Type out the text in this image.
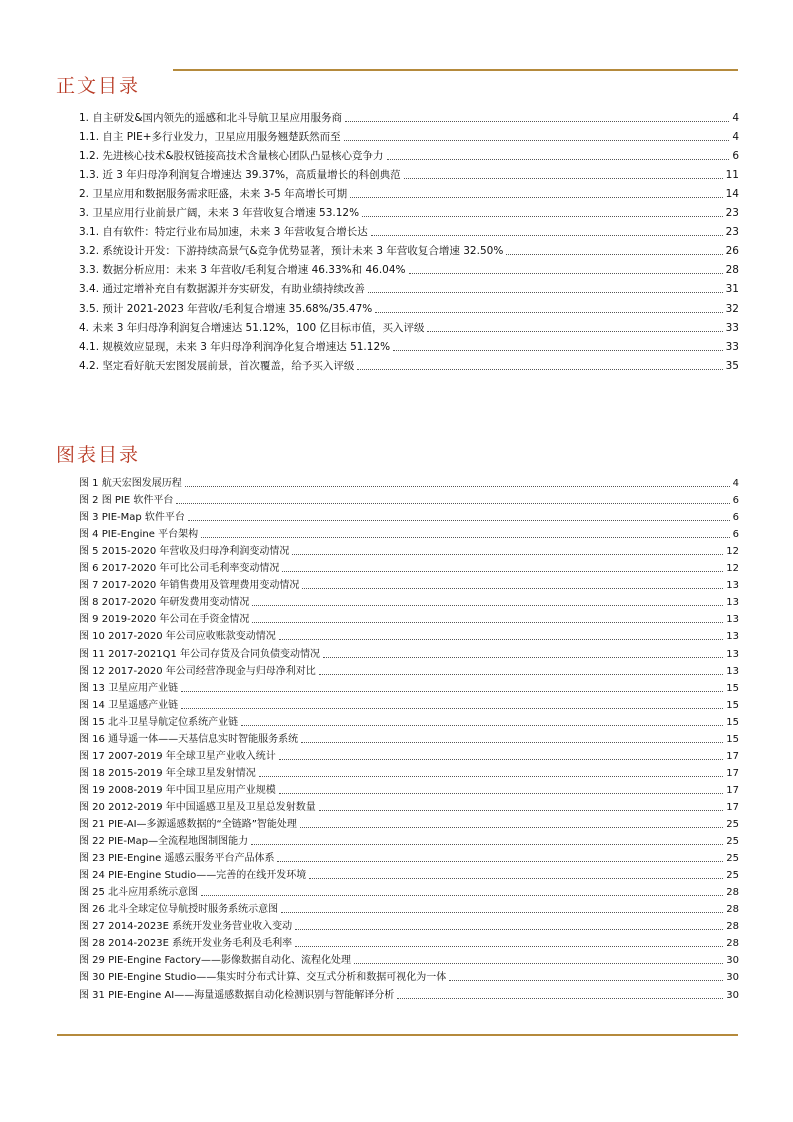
正文目录
1. 自主研发&国内领先的遥感和北斗导航卫星应用服务商	4
1.1. 自主 PIE+多行业发力，卫星应用服务翘楚跃然而至	4
1.2. 先进核心技术&股权链接高技术含量核心团队凸显核心竞争力	6
1.3. 近 3 年归母净利润复合增速达 39.37%，高质量增长的科创典范	11
2. 卫星应用和数据服务需求旺盛，未来 3-5 年高增长可期	14
3. 卫星应用行业前景广阔，未来 3 年营收复合增速 53.12%	23
3.1. 自有软件：特定行业布局加速，未来 3 年营收复合增长达	23
3.2. 系统设计开发：下游持续高景气&竞争优势显著，预计未来 3 年营收复合增速 32.50%	26
3.3. 数据分析应用：未来 3 年营收/毛利复合增速 46.33%和 46.04%	28
3.4. 通过定增补充自有数据源并夯实研发，有助业绩持续改善	31
3.5. 预计 2021-2023 年营收/毛利复合增速 35.68%/35.47%	32
4. 未来 3 年归母净利润复合增速达 51.12%，100 亿目标市值，买入评级	33
4.1. 规模效应显现，未来 3 年归母净利润净化复合增速达 51.12%	33
4.2. 坚定看好航天宏图发展前景，首次覆盖，给予买入评级	35
图表目录
图 1 航天宏图发展历程	4
图 2 图 PIE 软件平台	6
图 3 PIE-Map 软件平台	6
图 4 PIE-Engine 平台架构	6
图 5 2015-2020 年营收及归母净利润变动情况	12
图 6 2017-2020 年可比公司毛利率变动情况	12
图 7 2017-2020 年销售费用及管理费用变动情况	13
图 8 2017-2020 年研发费用变动情况	13
图 9 2019-2020 年公司在手资金情况	13
图 10 2017-2020 年公司应收账款变动情况	13
图 11 2017-2021Q1 年公司存货及合同负债变动情况	13
图 12 2017-2020 年公司经营净现金与归母净利对比	13
图 13 卫星应用产业链	15
图 14 卫星遥感产业链	15
图 15 北斗卫星导航定位系统产业链	15
图 16 通导遥一体——天基信息实时智能服务系统	15
图 17 2007-2019 年全球卫星产业收入统计	17
图 18 2015-2019 年全球卫星发射情况	17
图 19 2008-2019 年中国卫星应用产业规模	17
图 20 2012-2019 年中国遥感卫星及卫星总发射数量	17
图 21 PIE-AI—多源遥感数据的“全链路”智能处理	25
图 22 PIE-Map—全流程地图制图能力	25
图 23 PIE-Engine 遥感云服务平台产品体系	25
图 24 PIE-Engine Studio——完善的在线开发环境	25
图 25 北斗应用系统示意图	28
图 26 北斗全球定位导航授时服务系统示意图	28
图 27 2014-2023E 系统开发业务营业收入变动	28
图 28 2014-2023E 系统开发业务毛利及毛利率	28
图 29 PIE-Engine Factory——影像数据自动化、流程化处理	30
图 30 PIE-Engine Studio——集实时分布式计算、交互式分析和数据可视化为一体	30
图 31 PIE-Engine AI——海量遥感数据自动化检测识别与智能解译分析	30
